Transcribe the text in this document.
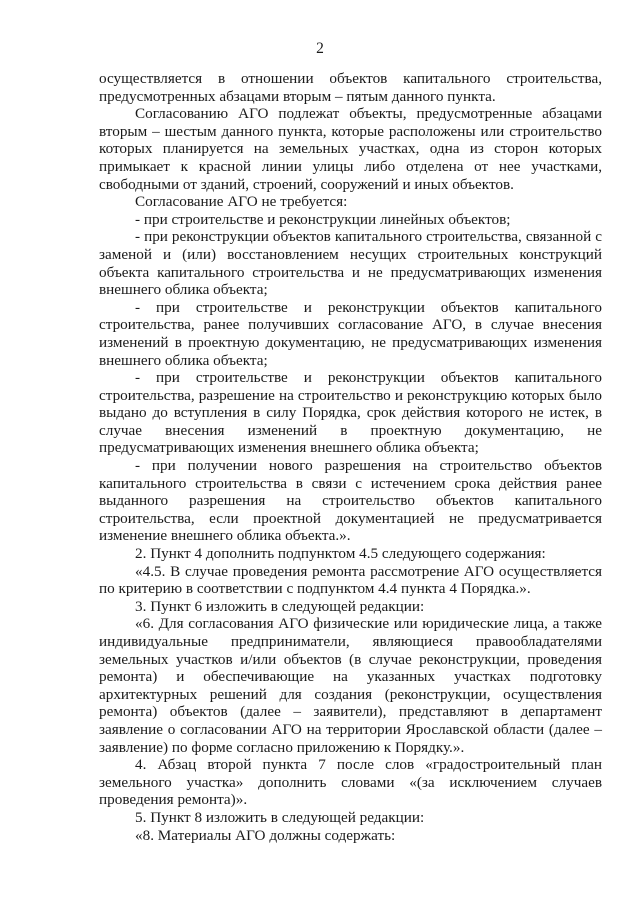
2

осуществляется в отношении объектов капитального строительства, предусмотренных абзацами вторым – пятым данного пункта.

Согласованию АГО подлежат объекты, предусмотренные абзацами вторым – шестым данного пункта, которые расположены или строительство которых планируется на земельных участках, одна из сторон которых примыкает к красной линии улицы либо отделена от нее участками, свободными от зданий, строений, сооружений и иных объектов.

Согласование АГО не требуется:

- при строительстве и реконструкции линейных объектов;

- при реконструкции объектов капитального строительства, связанной с заменой и (или) восстановлением несущих строительных конструкций объекта капитального строительства и не предусматривающих изменения внешнего облика объекта;

- при строительстве и реконструкции объектов капитального строительства, ранее получивших согласование АГО, в случае внесения изменений в проектную документацию, не предусматривающих изменения внешнего облика объекта;

- при строительстве и реконструкции объектов капитального строительства, разрешение на строительство и реконструкцию которых было выдано до вступления в силу Порядка, срок действия которого не истек, в случае внесения изменений в проектную документацию, не предусматривающих изменения внешнего облика объекта;

- при получении нового разрешения на строительство объектов капитального строительства в связи с истечением срока действия ранее выданного разрешения на строительство объектов капитального строительства, если проектной документацией не предусматривается изменение внешнего облика объекта.».

2. Пункт 4 дополнить подпунктом 4.5 следующего содержания:

«4.5. В случае проведения ремонта рассмотрение АГО осуществляется по критерию в соответствии с подпунктом 4.4 пункта 4 Порядка.».

3. Пункт 6 изложить в следующей редакции:

«6. Для согласования АГО физические или юридические лица, а также индивидуальные предприниматели, являющиеся правообладателями земельных участков и/или объектов (в случае реконструкции, проведения ремонта) и обеспечивающие на указанных участках подготовку архитектурных решений для создания (реконструкции, осуществления ремонта) объектов (далее – заявители), представляют в департамент заявление о согласовании АГО на территории Ярославской области (далее – заявление) по форме согласно приложению к Порядку.».

4. Абзац второй пункта 7 после слов «градостроительный план земельного участка» дополнить словами «(за исключением случаев проведения ремонта)».

5. Пункт 8 изложить в следующей редакции:

«8. Материалы АГО должны содержать:
